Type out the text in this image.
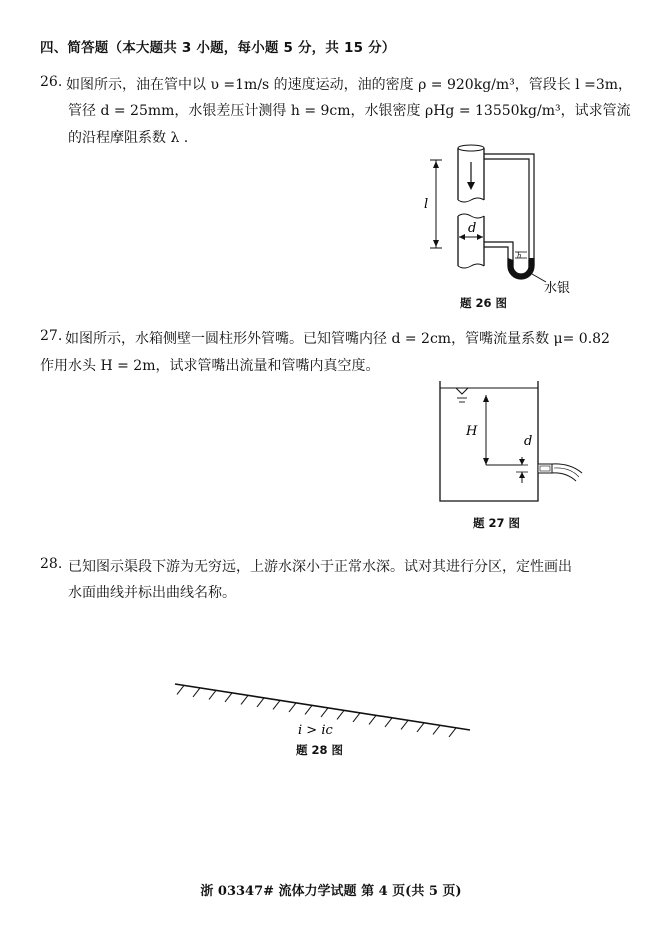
四、简答题（本大题共 3 小题，每小题 5 分，共 15 分）
26. 如图所示，油在管中以 υ =1m/s 的速度运动，油的密度 ρ = 920kg/m³，管段长 l =3m，
管径 d = 25mm，水银差压计测得 h = 9cm，水银密度 ρHg = 13550kg/m³，试求管流
的沿程摩阻系数 λ .
l
d
h
水银
题 26 图
27. 如图所示，水箱侧壁一圆柱形外管嘴。已知管嘴内径 d = 2cm，管嘴流量系数 μ= 0.82
作用水头 H = 2m，试求管嘴出流量和管嘴内真空度。
H
d
题 27 图
28. 已知图示渠段下游为无穷远，上游水深小于正常水深。试对其进行分区，定性画出
水面曲线并标出曲线名称。
i > ic
题 28 图
浙 03347# 流体力学试题 第 4 页(共 5 页)
